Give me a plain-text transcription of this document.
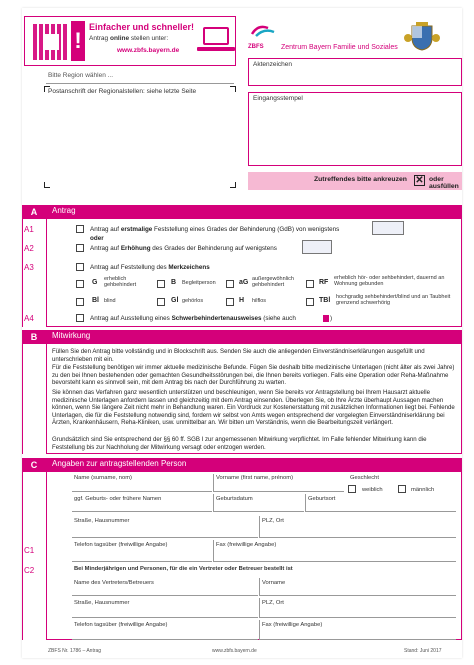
!
Einfacher und schneller!
Antrag online stellen unter:
www.zbfs.bayern.de	ZBFS Zentrum Bayern Familie und Soziales
Bitte Region wählen ...
Postanschrift der Regionalstellen: siehe letzte Seite
Aktenzeichen
Eingangsstempel
Zutreffendes bitte ankreuzen ✕ oder ausfüllen
A	Antrag
A1	Antrag auf erstmalige Feststellung eines Grades der Behinderung (GdB) von wenigstens
oder
A2	Antrag auf Erhöhung des Grades der Behinderung auf wenigstens
A3	Antrag auf Feststellung des Merkzeichens
G erheblich gehbehindert	B Begleitperson	aG außergewöhnlich gehbehindert	RF
erheblich hör- oder sehbehindert, dauernd an Wohnung gebunden
Bl blind	Gl gehörlos	H hilflos	TBl hochgradig sehbehindert/blind und an Taubheit grenzend schwerhörig
A4	Antrag auf Ausstellung eines Schwerbehindertenausweises (siehe auch	)
B	Mitwirkung
Füllen Sie den Antrag bitte vollständig und in Blockschrift aus. Senden Sie auch die anliegenden Einverständniserklärungen ausgefüllt und unterschrieben mit ein.
Für die Feststellung benötigen wir immer aktuelle medizinische Befunde. Fügen Sie deshalb bitte medizinische Unterlagen (nicht älter als zwei Jahre) zu den bei Ihnen bestehenden oder gemachten Gesundheitsstörungen bei, die Ihnen bereits vorliegen. Falls eine Operation oder Reha-Maßnahme bevorsteht kann es sinnvoll sein, mit dem Antrag bis nach der Durchführung zu warten.
Sie können das Verfahren ganz wesentlich unterstützen und beschleunigen, wenn Sie bereits vor Antragstellung bei Ihrem Hausarzt aktuelle medizinische Unterlagen anfordern lassen und gleichzeitig mit dem Antrag einsenden. Überlegen Sie, ob Ihre Ärzte überhaupt Aussagen machen können, wenn Sie längere Zeit nicht mehr in Behandlung waren. Ein Vordruck zur Kostenerstattung mit zusätzlichen Informationen liegt bei. Fehlende Unterlagen, die für die Feststellung notwendig sind, fordern wir selbst von Amts wegen entsprechend der vorgelegten Einverständniserklärung bei Ärzten, Krankenhäusern, Reha-Kliniken, usw. unmittelbar an. Wir bitten um Verständnis, wenn die Bearbeitungszeit verlängert.
Grundsätzlich sind Sie entsprechend der §§ 60 ff. SGB I zur angemessenen Mitwirkung verpflichtet. Im Falle fehlender Mitwirkung kann die Feststellung bis zur Nachholung der Mitwirkung versagt oder entzogen werden.
C	Angaben zur antragstellenden Person
Name (surname, nom)	Vorname (first name, prénom)	Geschlecht
weiblich	männlich
ggf. Geburts- oder frühere Namen	Geburtsdatum	Geburtsort
Straße, Hausnummer	PLZ, Ort
C1
Telefon tagsüber (freiwillige Angabe)	Fax (freiwillige Angabe)
C2	Bei Minderjährigen und Personen, für die ein Vertreter oder Betreuer bestellt ist
Name des Vertreters/Betreuers	Vorname
Straße, Hausnummer	PLZ, Ort
Telefon tagsüber (freiwillige Angabe)	Fax (freiwillige Angabe)
ZBFS Nr. 1786 – Antrag	www.zbfs.bayern.de	Stand: Juni 2017
